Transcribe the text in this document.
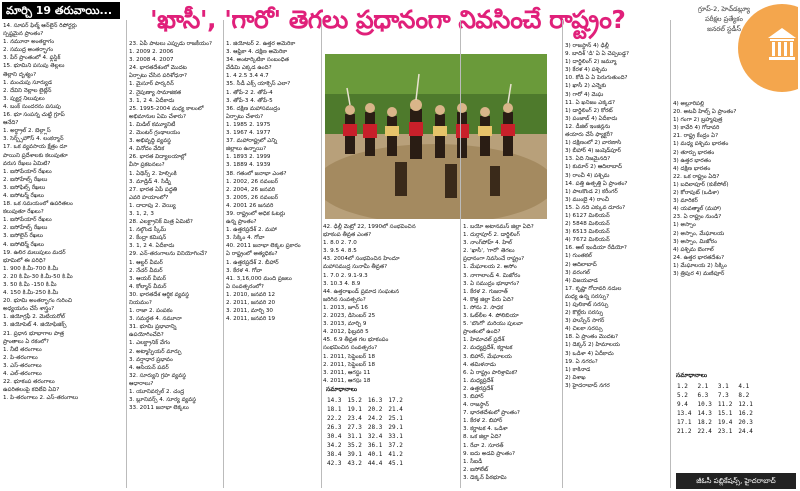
మార్చి 19 తరువాయి...	'ఖాసీ', 'గారో' తెగలు ప్రధానంగా నివసించే రాష్ట్రం?	గ్రూప్-2, హెచ్‌డబ్ల్యూ
పరీక్షల ప్రత్యేకం
జనరల్ స్టడీస్
14. సూపర్ ఫిల్మ్ ఆన్‌లైన్ రిపోర్టర్లు
స్పష్టమైన ప్రాంతం?
1. నమూనా అంతర్జాగం
2. సముద్ర అంతర్భాగం
3. పీర్ ప్రాంతంలో 4. ఫ్లస్టిక్
15. భూమిని పసుపు తెల్లలు
తెల్లాని దృశ్యం?
1. మంచుపు సూర్యుడ
2. దేవిని నెల్లాల లైట్లేన్
3. ప్యుర్ల నిలువులు
4. బంక్ సుందరను పసుపు
16. భూ సంపన్న చుట్టి గ్రూప్
ఆనేది?
1. అర్థ్రాల్ 2. బెల్గ్లాస్
3. సెర్బ్స్‌హౌస్ 4. లంకర్మాన్
17. ఒక వ్యవసాయ క్షేత్రం దూ
పాయిని ప్రదేశాలకు కలుపుతూ
వరుస రేఖలు ఏమిటి?
1. ఐసోపేయార్ రేఖలు
2. ఐసోహేల్స్ రేఖలు
3. ఐసోఫిల్స్ రేఖలు
4. ఐసోటర్మ్ రేఖలు
18. ఒక సమయంలో ఉపరితలం
కలుపుతూ రేఖలు?
1. ఐసోపేయార్ రేఖలు
2. ఐసోహేల్స్ రేఖలు
3. ఐసోలైన్ రేఖలు
4. ఐసోటెర్మ్ రేఖలు
19. ఉలిర మలుపులు మదర్
భూమిలో ఈ పరిధి?
1. 900 కి.మీ-700 కి.మీ
2. 20 కి.మీ-30 కి.మీ-50 కి.మీ
3. 50 కి.మీ -150 కి.మీ
4. 150 కి.మీ-250 కి.మీ
20. భూమి అంతర్భాగం గురించి
అధ్యయనం చేసే శాస్త్రం?
1. జియోగ్రఫీ 2. మెటియరోల్
3. జియోపెట్ 4. జియోఫిజిక్స్
21. ప్రధాన భూభాగాల పాత్ర
ప్రాంతాలు ఏ రకంలో?
1. నీటి తరంగాలు
2. పి-తరంగాలు
3. ఎస్-తరంగాలు
4. ఎల్-తరంగాలు
22. భూకంప తరంగాలు
ఉపరితలంపై కదిలేవి ఏవి?
1. పి-తరంగాలు 2. ఎస్-తరంగాలు
23. ఏపీ పాటలు ఎప్పుడు రాజకీయం?
1. 2009 2. 2006
3. 2008 4. 2007
24. భారతదేశంలో మొదట
ఏర్పాటు చేసిన పరిశోధనా?
1. మైసూర్ పార్కరిన్
2. నైపుణ్యా సామాజికత
3. 1, 2 4. ఏదీకాదు
25. 1995-2004 మధ్య కాలంలో
అభిమానుల ఏమి చేశారు?
1. మిడిల్ కమ్యూనిటీ
2. మెంటర్ గ్రంథాలయం
3. అభివృద్ధి వ్యవస్థ
4. వినోదం వేదిక
26. భారత విద్యాలయాల్లో
వీసా ప్రకటనలు?
1. ఏథెన్స్ 2. హెల్సింకి
3. మాడ్రిడ్ 4. సిడ్నీ
27. భారత ఏపీ పద్ధతి
ఎవరి హయాంలో?
1. దాదాపు 2. వెయ్యి
3. 1, 2, 3
28. ఎలక్ట్రానిక్ మిత్ర ఏమిటి?
1. నల్గొండ స్కీమ్
2. కేంద్రా కమిషన్
3. 1, 2 4. ఏదీకాదు
29. ఎన్-తరంగాలను వినియోగించే?
1. ఆల్డర్ వీమర్
2. నేచర్ వీమర్
3. ఆయర్ వీమర్
4. కోల్మాన్ వీమర్
30. భారతదేశ ఆర్థిక వ్యవస్థ
నియమం?
1. రాజా 2. పంపకం
3. సమర్థత 4. నమూనా
31. భూమి ప్రభావాన్ని
ఉపయోగించేది?
1. ఎలక్ట్రానిక్ వేగం
2. అట్మాస్ఫియర్ మార్పు
3. వర్షాధార ప్రభావం
4. ఆసియన్ పవర్
32. సూర్యుని గ్రహ వ్యవస్థ
ఆధారాలు?
1. యూనివర్సల్ 2. చంద్ర
3. బ్లూనివర్స్ 4. సూర్య వ్యవస్థ
33. 2011 జనాభా లెక్కలు
1. జియోటర్ 2. ఉత్తర అమెరికా
3. ఆఫ్రికా 4. దక్షిణ అమెరికా
34. అంటార్కిటికా సంబంధిత
వేడిమి ఎక్కడ ఉంది?
1. 4 2.5 3.4 4.7
35. సీడీ ఎక్స్ యాక్సెస్ ఎలా?
1. తోపే-2 2. తోపే-4
3. తోపే-3 4. తోపే-5
36. దక్షిణ మహాసముద్రం
ఏర్పాటు చేశారు?
1. 1985 2. 1975
3. 1967 4. 1977
37. మహారాష్ట్రలో ఎన్ని
జిల్లాలు ఉన్నాయి?
1. 1893 2. 1999
3. 1889 4. 1939
38. గతంలో జనాభా ఎంత?
1. 2002, 26 నవంబర్
2. 2004, 26 జనవరి
3. 2005, 26 నవంబర్
4. 2001 26 జనవరి
39. రాష్ట్రంలో అధిక ఓటర్లు
ఉన్న ప్రాంతం?
1. ఉత్తరప్రదేశ్ 2. మహా
3. సిక్కిం 4. గోవా
40. 2011 జనాభా లెక్కల ప్రకారం
ఏ రాష్ట్రంలో అత్యధికం?
1. ఉత్తరప్రదేశ్ 2. బీహార్
3. కేరళ 4. గోవా
41. 3,16,000 మంది ప్రజలు
ఏ సంవత్సరంలో?
1. 2010, జనవరి 12
2. 2011, జనవరి 20
3. 2011, మార్చి 30
4. 2011, జనవరి 19
42. ఢిల్లీ మెట్రో 22, 1990లో సంభవించిన
భూకంప తీవ్రత ఎంత?
1. 8.0 2. 7.0
3. 9.5 4. 8.5
43. 2004లో సంభవించిన హిందూ
మహాసముద్ర సునామీ తీవ్రత?
1. 7.0 2. 9.1-9.3
3. 10.3 4. 8.9
44. ఉత్తరాఖండ్ ప్రమాద సంఘటన
జరిగిన సంవత్సరం?
1. 2013, జూన్ 16
2. 2023, డిసెంబర్ 25
3. 2013, మార్చి 9
4. 2012, ఫిబ్రవరి 5
45. 6.9 తీవ్రత గల భూకంపం
సంభవించిన సంవత్సరం?
1. 2011, సెప్టెంబర్ 18
2. 2011, సెప్టెంబర్ 18
3. 2011, ఆగస్టు 11
4. 2011, ఆగస్టు 18
1. బయో అటానమస్ జిల్లా ఏది?
1. దుర్గాపూర్ 2. డార్జిలింగ్
3. నాంగ్‌పోహ్ 4. హిల్
2. 'ఖాసీ', 'గారో' తెగలు
ప్రధానంగా నివసించే రాష్ట్రం?
1. మేఘాలయ 2. అసోం
3. నాగాలాండ్ 4. మిజోరం
3. ఏ సముద్రం భూభాగం?
1. కేరళ 2. గుజరాత్
4. కొత్త జిల్లా పేరు ఏది?
1. సోను 2. సాధక
3. ఓట్‌లీల 4. పోలిబియా
5. 'బొంగో' మరియు పులవా
ప్రాంతంలో ఉంది?
1. హిమాచల్ ప్రదేశ్
2. మధ్యప్రదేశ్, కర్ణాటక
3. బిహార్, మేఘాలయ
4. తమిళనాడు
6. ఏ రాష్ట్రం పారిశ్రామిక?
1. మధ్యప్రదేశ్
2. ఉత్తరప్రదేశ్
3. బిహార్
4. రాజస్థాన్
7. భారతదేశంలో ప్రాంతం?
1. కేరళ 2. బిహార్
3. కర్ణాటక 4. ఒడిశా
8. ఒక జిల్లా ఏది?
1. రేవా 2. సూరత్
9. ఐదు అడవి ప్రాంతం?
1. సీఐడీ
2. ఐసోలేట్
3. డెక్కన్ పీఠభూమి
3) రాజస్థాన్ 4) ఢిల్లీ
9. బాదిశ్ 'డి' ఏ ఏ చెప్పబడ్డ?
1) దార్జిలింగ్ 2) జమ్మూ
3) కేరళ 4) పశ్చిమ
10. కోడి ఏ ఏ పెరుగుతుంది?
1) ఖాసీ 2) ఎన్నెకు
3) గారో 4) మెఘ
11. ఏ ఖనిజం ఎక్కడ?
1) డార్జిలింగ్ 2) కోరట్
3) పంజాబ్ 4) ఏదీకాదు
12. డీజిల్ ఇంజిన్లను
తయారు చేసే ఫ్యాక్టరీ?
1) దక్షిణంలో 2) వారణాసి
3) బీహార్ 4) జంషెడ్‌పూర్
13. ఏది నిజమైనది?
1) కుమార్‌ 2) ఆదిలాబాద్
3) రాంచీ 4) పశ్చిమ
14. పత్తి ఉత్పత్తి ఏ ప్రాంతం?
1) పాలకొండ 2) కరీంగర్
3) ముంబై 4) రాంచీ
15. ఏ నది ఎక్కువ దూరం?
1) 6127 మిలియన్
2) 5848 మిలియన్
3) 6513 మిలియన్
4) 7672 మిలియన్
16. ఆల్ ఇండియా రేడియో?
1) గుంతకల్
2) ఆదిలాబాద్
3) వరంగల్
4) విజయవాడ
17. కృష్ణా గోదావరి నదుల
మధ్య ఉన్న సరస్సు?
1) పులికాట్ సరస్సు
2) కొల్లేరు సరస్సు
3) హుస్సేన్ సాగర్
4) చిలకా సరస్సు
18. ఏ ప్రాంతం మొదట?
1) డెక్కన్ 2) హిమాలయ
3) ఒడిశా 4) ఏదీకాదు
19. ఏ నగరం?
1) కాకినాడ
2) విశాఖ
3) హైదరాబాద్ నగర
4) అల్లూరిపల్లి
20. అటవీ హిల్స్ ఏ ప్రాంతం?
1) గంగా 2) బ్రహ్మపుత్ర
3) కావేరి 4) గోదావరి
21. రాష్ట్ర కేంద్రం ఏ?
1) మధ్య పశ్చిమ భారతం
2) తూర్పు భారతం
3) ఉత్తర భారతం
4) దక్షిణ భారతం
22. ఒక రాష్ట్రం ఏది?
1) బదిలాపూర్ (కుకేసోల్)
2) కోరాపుట్ (ఒడిశా)
3) మారికర్
4) యవత్మాల్ (మహా)
23. ఏ రాష్ట్రం నుండి?
1) అస్సాం
2) అస్సాం, మేఘాలయ
3) అస్సాం, మిజోరం
4) పశ్చిమ బెంగాల్
24. ఉత్తర భారతదేశం?
1) మేఘాలయ 2) సిక్కిం
3) త్రిపుర 4) మణిపూర్
సమాధానాలు
14.3	15.2	16.3	17.2
18.1	19.1	20.2	21.4
22.2	23.4	24.2	25.1
26.3	27.3	28.3	29.1
30.4	31.1	32.4	33.1
34.2	35.2	36.1	37.2
38.4	39.1	40.1	41.2
42.3	43.2	44.4	45.1
సమాధానాలు
1.2	2.1	3.1	4.1
5.2	6.3	7.3	8.2
9.4	10.3	11.2	12.1
13.4	14.3	15.1	16.2
17.1	18.2	19.4	20.3
21.2	22.4	23.1	24.4
జీఓసీ పబ్లికేషన్స్, హైదరాబాద్
